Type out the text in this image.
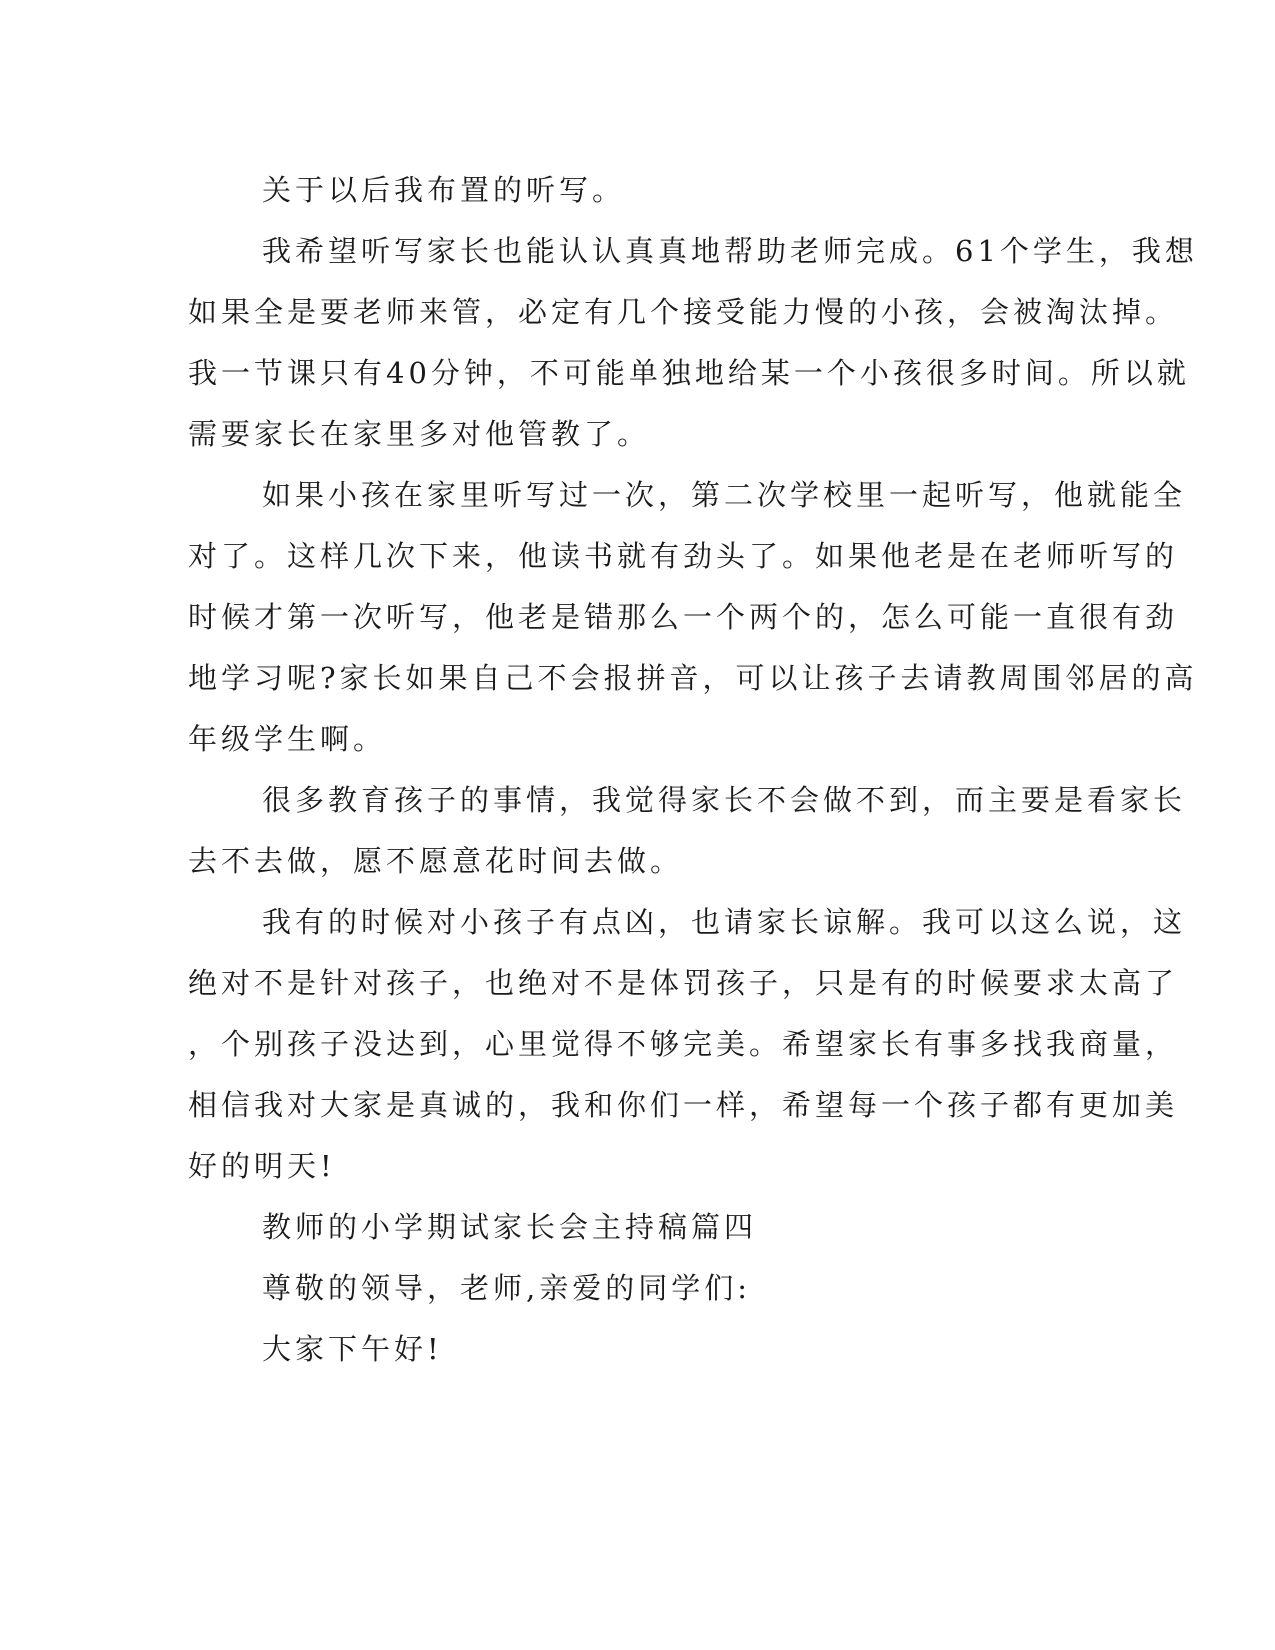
关于以后我布置的听写。
我希望听写家长也能认认真真地帮助老师完成。61个学生，我想
如果全是要老师来管，必定有几个接受能力慢的小孩，会被淘汰掉。
我一节课只有40分钟，不可能单独地给某一个小孩很多时间。所以就
需要家长在家里多对他管教了。
如果小孩在家里听写过一次，第二次学校里一起听写，他就能全
对了。这样几次下来，他读书就有劲头了。如果他老是在老师听写的
时候才第一次听写，他老是错那么一个两个的，怎么可能一直很有劲
地学习呢?家长如果自己不会报拼音，可以让孩子去请教周围邻居的高
年级学生啊。
很多教育孩子的事情，我觉得家长不会做不到，而主要是看家长
去不去做，愿不愿意花时间去做。
我有的时候对小孩子有点凶，也请家长谅解。我可以这么说，这
绝对不是针对孩子，也绝对不是体罚孩子，只是有的时候要求太高了
，个别孩子没达到，心里觉得不够完美。希望家长有事多找我商量，
相信我对大家是真诚的，我和你们一样，希望每一个孩子都有更加美
好的明天!
教师的小学期试家长会主持稿篇四
尊敬的领导，老师,亲爱的同学们:
大家下午好!
